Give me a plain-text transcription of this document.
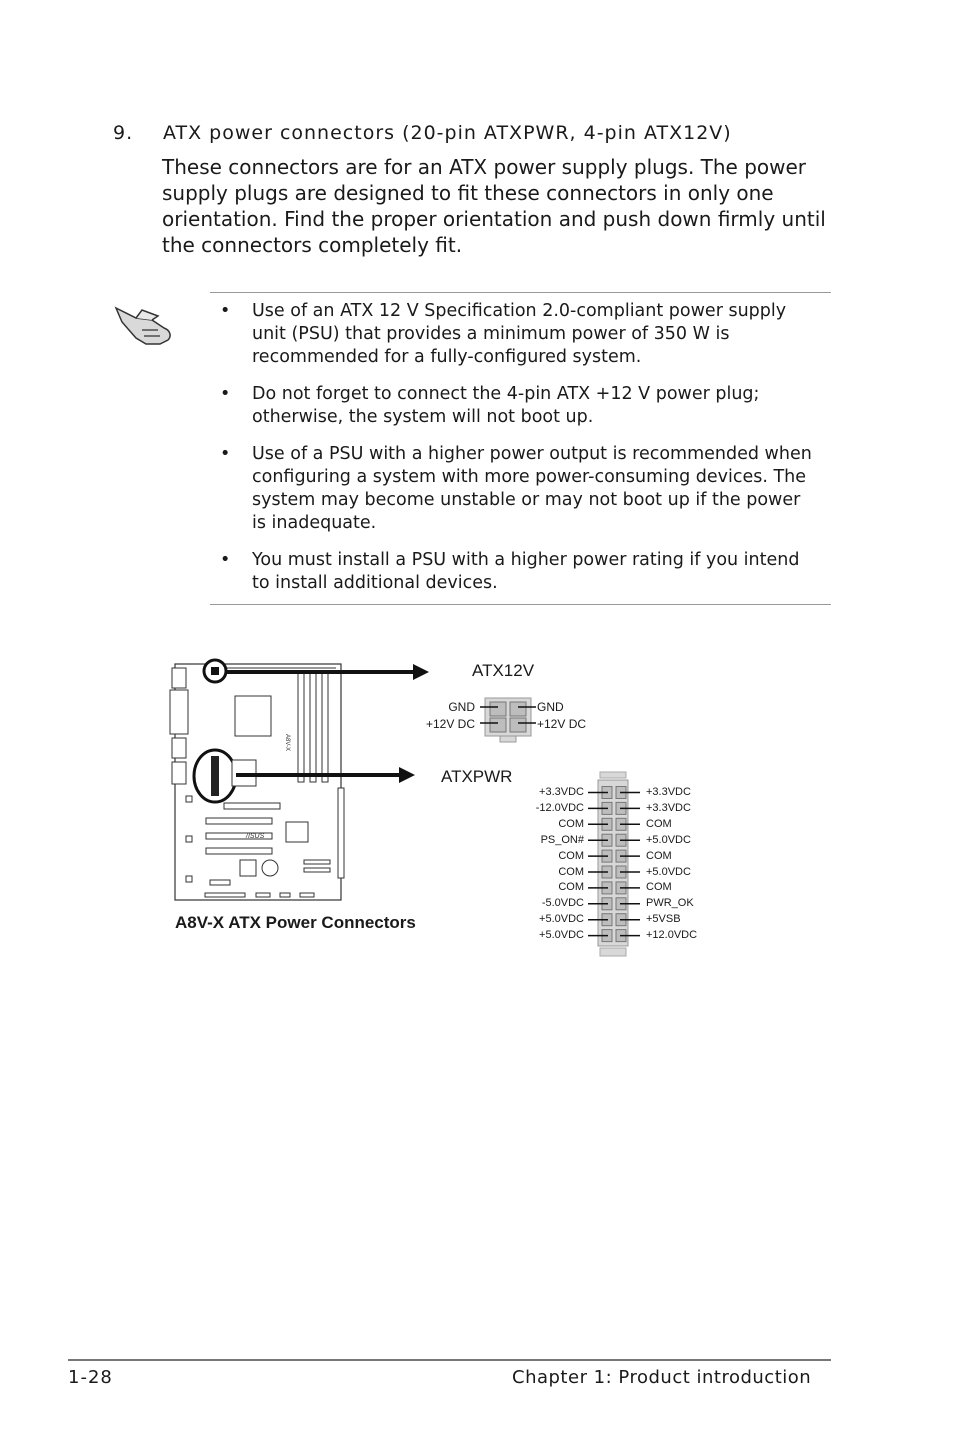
9. ATX power connectors (20-pin ATXPWR, 4-pin ATX12V)

These connectors are for an ATX power supply plugs. The power supply plugs are designed to fit these connectors in only one orientation. Find the proper orientation and push down firmly until the connectors completely fit.

• Use of an ATX 12 V Specification 2.0-compliant power supply unit (PSU) that provides a minimum power of 350 W is recommended for a fully-configured system.
• Do not forget to connect the 4-pin ATX +12 V power plug; otherwise, the system will not boot up.
• Use of a PSU with a higher power output is recommended when configuring a system with more power-consuming devices. The system may become unstable or may not boot up if the power is inadequate.
• You must install a PSU with a higher power rating if you intend to install additional devices.
/ISUS
A8V-X
ATX12V
ATXPWR
GND
+12V DC
GND
+12V DC
+3.3VDC
-12.0VDC
COM
PS_ON#
COM
COM
COM
-5.0VDC
+5.0VDC
+5.0VDC
+3.3VDC
+3.3VDC
COM
+5.0VDC
COM
+5.0VDC
COM
PWR_OK
+5VSB
+12.0VDC
A8V-X ATX Power Connectors
1-28	Chapter 1: Product introduction
